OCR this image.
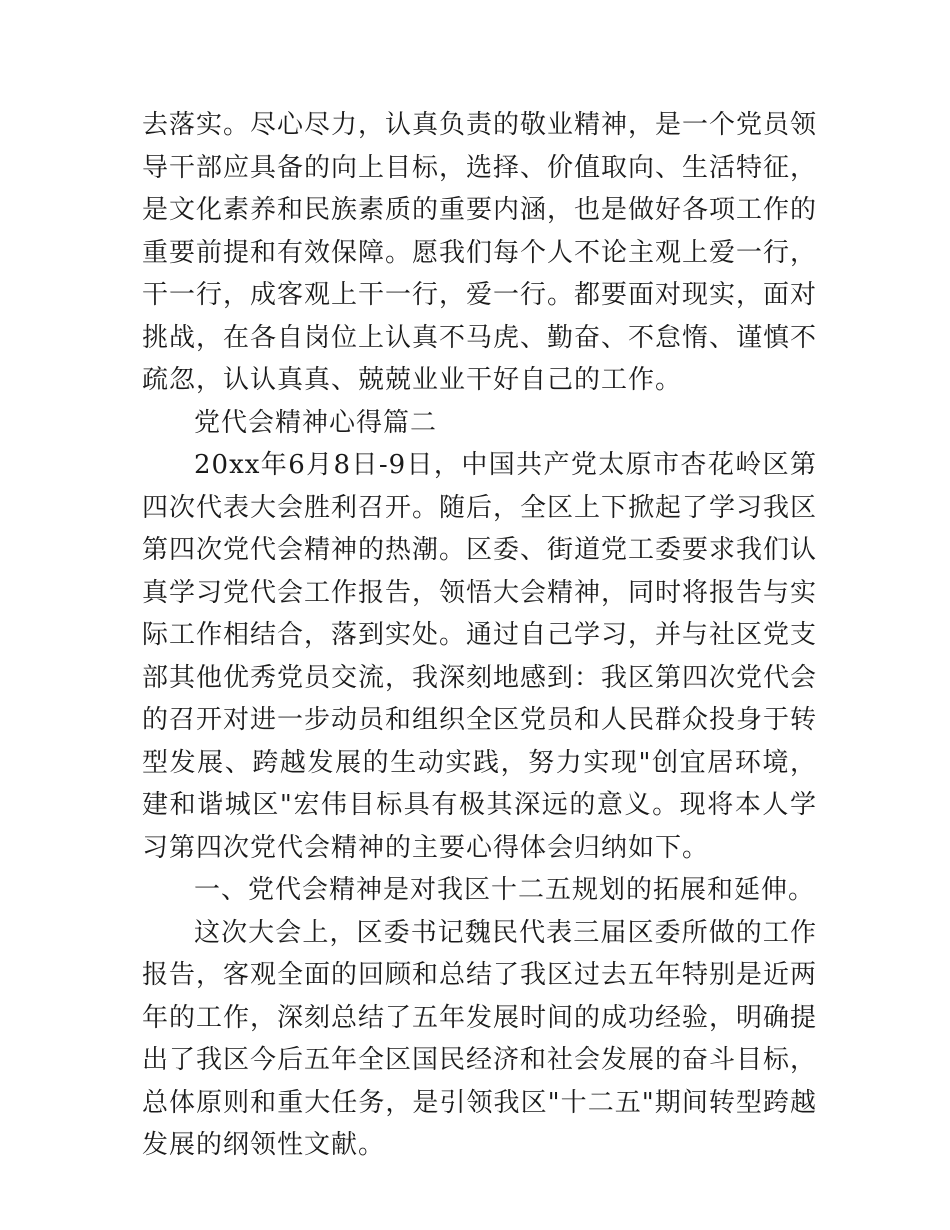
去落实。尽心尽力，认真负责的敬业精神，是一个党员领导干部应具备的向上目标，选择、价值取向、生活特征，是文化素养和民族素质的重要内涵，也是做好各项工作的重要前提和有效保障。愿我们每个人不论主观上爱一行，干一行，成客观上干一行，爱一行。都要面对现实，面对挑战，在各自岗位上认真不马虎、勤奋、不怠惰、谨慎不疏忽，认认真真、兢兢业业干好自己的工作。

党代会精神心得篇二

20xx年6月8日-9日，中国共产党太原市杏花岭区第四次代表大会胜利召开。随后，全区上下掀起了学习我区第四次党代会精神的热潮。区委、街道党工委要求我们认真学习党代会工作报告，领悟大会精神，同时将报告与实际工作相结合，落到实处。通过自己学习，并与社区党支部其他优秀党员交流，我深刻地感到：我区第四次党代会的召开对进一步动员和组织全区党员和人民群众投身于转型发展、跨越发展的生动实践，努力实现"创宜居环境，建和谐城区"宏伟目标具有极其深远的意义。现将本人学习第四次党代会精神的主要心得体会归纳如下。

一、党代会精神是对我区十二五规划的拓展和延伸。

这次大会上，区委书记魏民代表三届区委所做的工作报告，客观全面的回顾和总结了我区过去五年特别是近两年的工作，深刻总结了五年发展时间的成功经验，明确提出了我区今后五年全区国民经济和社会发展的奋斗目标，总体原则和重大任务，是引领我区"十二五"期间转型跨越发展的纲领性文献。
